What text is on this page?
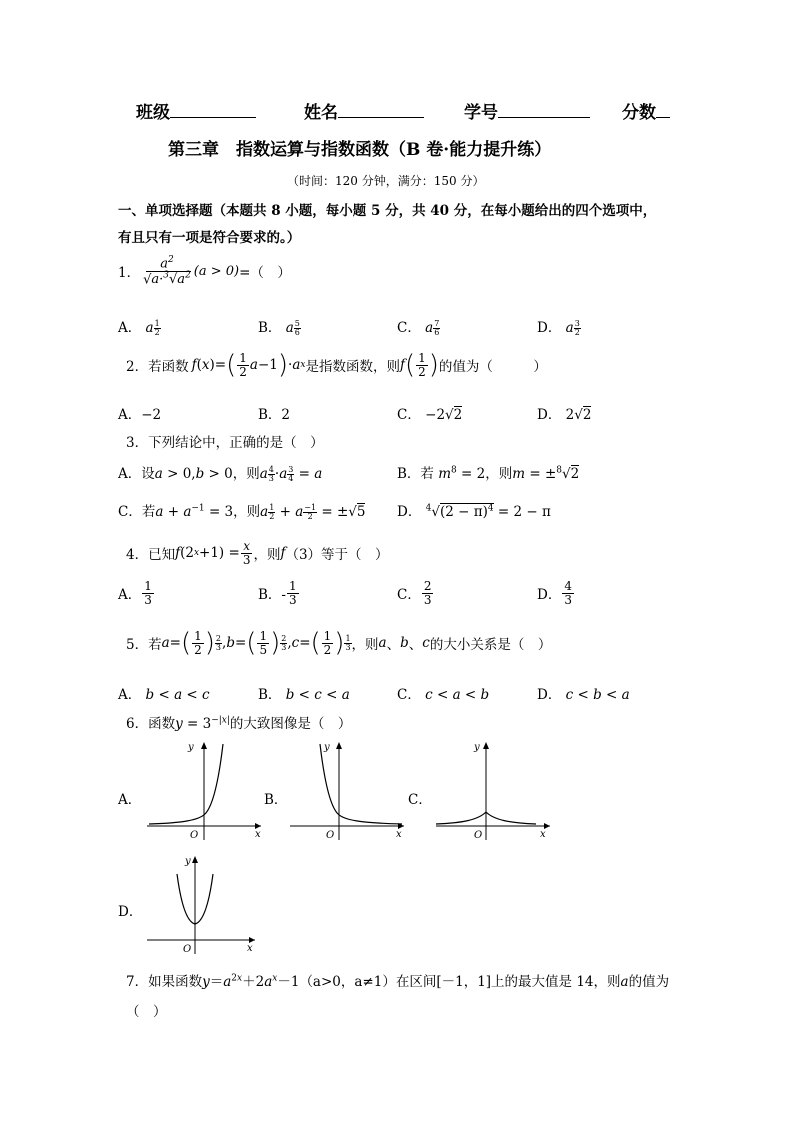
班级	姓名	学号	分数
第三章　指数运算与指数函数（B 卷·能力提升练）
（时间：120 分钟，满分：150 分）
一、单项选择题（本题共 8 小题，每小题 5 分，共 40 分，在每小题给出的四个选项中，
有且只有一项是符合要求的。）
1． $\frac{a^2}{√a\cdot^3√a^2} (a > 0)$ =（　）
A． a $\frac{1}{2}$	B． a $\frac{5}{6}$	C． a $\frac{7}{6}$	D． a $\frac{3}{2}$
2．若函数 f ( x )= ( $\frac{1}{2}$ a −1 ) · a x 是指数函数，则 f ( $\frac{1}{2}$ ) 的值为（　　　）
A．−2	B．2	C． −2√2	D． 2√2
3．下列结论中，正确的是（　）
A．设a > 0,b > 0，则a $\frac{4}{3} \cdot a \frac{3}{4} = a$	B．若 $m^8 = 2$，则m = ±$^8$√2
C．若$a + a^{-1} = 3$，则a $\frac{1}{2} + a \frac{-1}{2} = \pm√5$ D． $^4√(2 - \pi)^4 = 2 - \pi$
4．已知 f (2 $x +1) = \frac{x}{3}$ ，则 f （3）等于（　）
A． $\frac{1}{3}$	B．- $\frac{1}{3}$	C． $\frac{2}{3}$	D． $\frac{4}{3}$
5．若 a = ( $\frac{1}{2}$ ) $\frac{2}{3}$ , b = ( $\frac{1}{5}$ ) $\frac{2}{3}$ , c = ( $\frac{1}{2}$ ) $\frac{1}{3}$ ，则 a 、 b 、 c 的大小关系是（　）
A． b < a < c	B． b < c < a	C． c < a < b	D． c < b < a
6．函数$y = 3^{-|x|}$的大致图像是（　）
A．
y
O	x
B．
y
O	x
C．
y
O	x
D．
y
O	x
7．如果函数$y=a^{2x}+2a^x-1(a>0$，a≠1）在区间[－1，1]上的最大值是 14，则a的值为
（　）
